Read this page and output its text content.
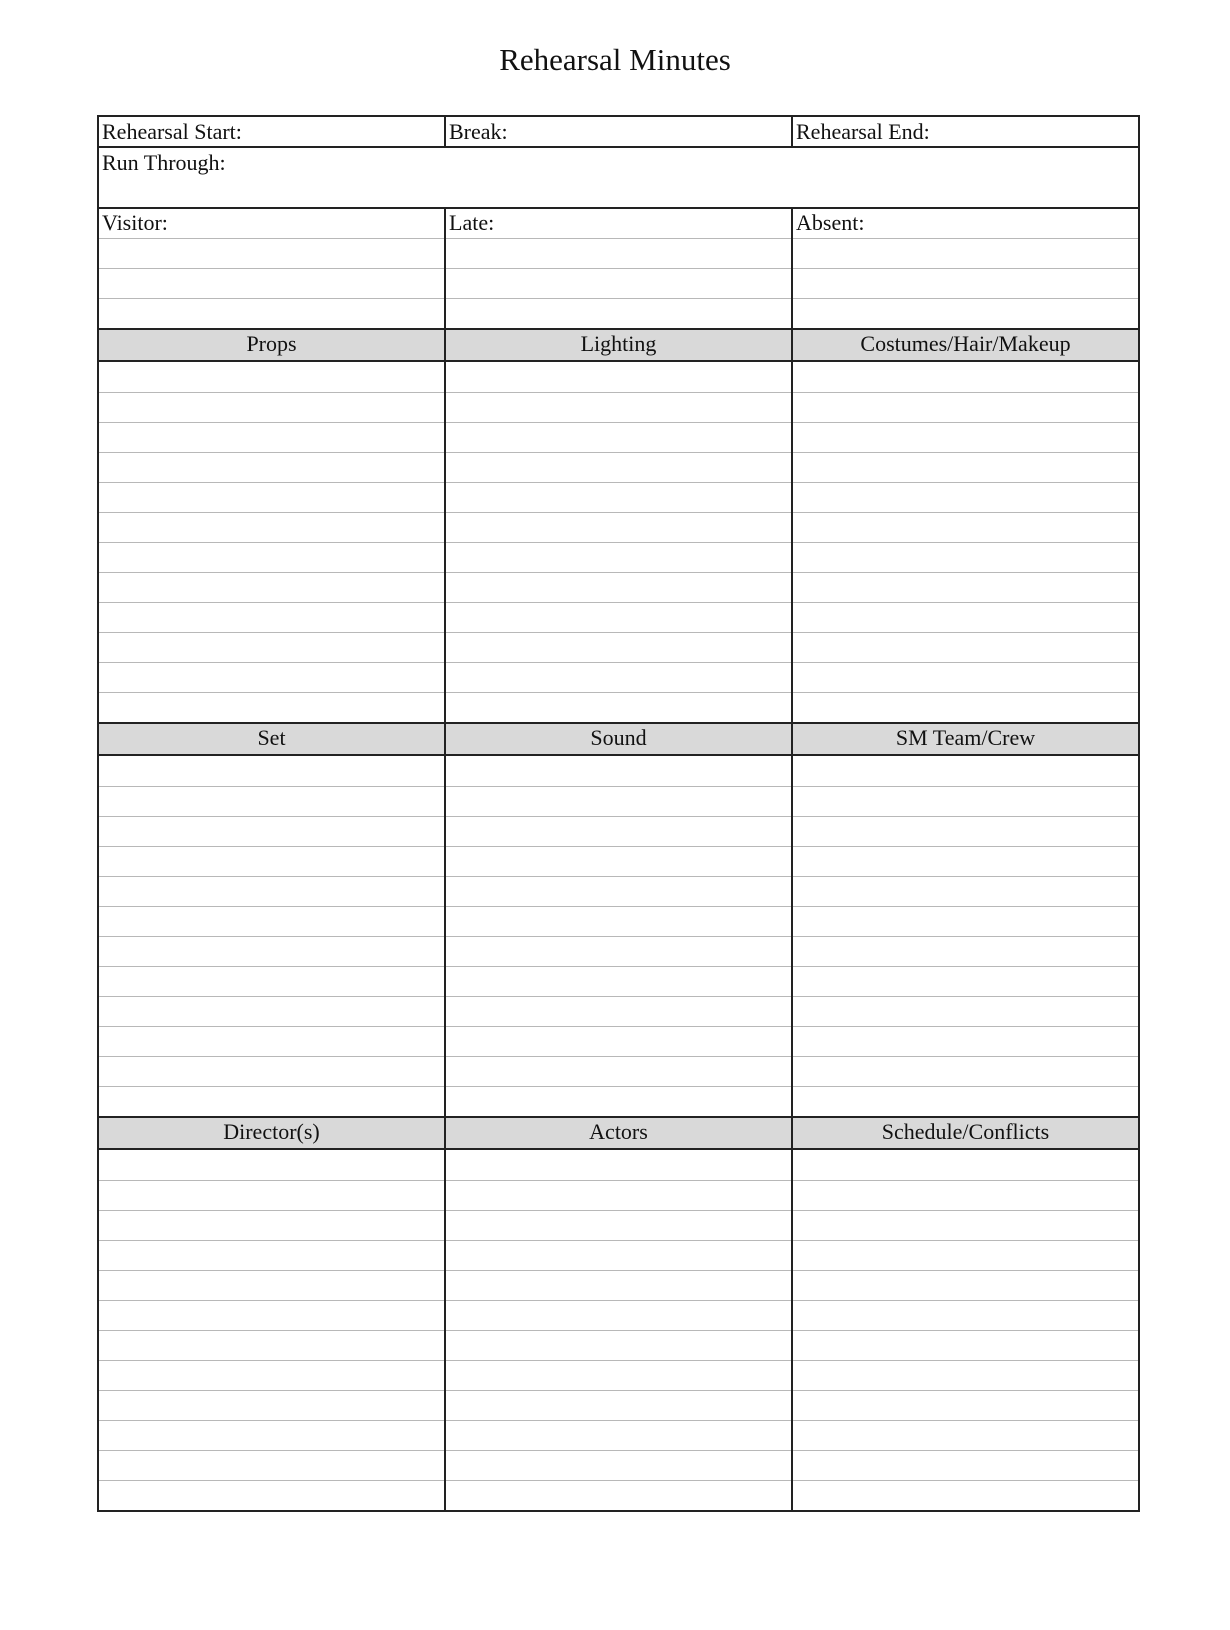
Rehearsal Minutes
Rehearsal Start:	Break:	Rehearsal End:
Run Through:
Visitor:	Late:	Absent:
Props	Lighting	Costumes/Hair/Makeup
Set	Sound	SM Team/Crew
Director(s)	Actors	Schedule/Conflicts
